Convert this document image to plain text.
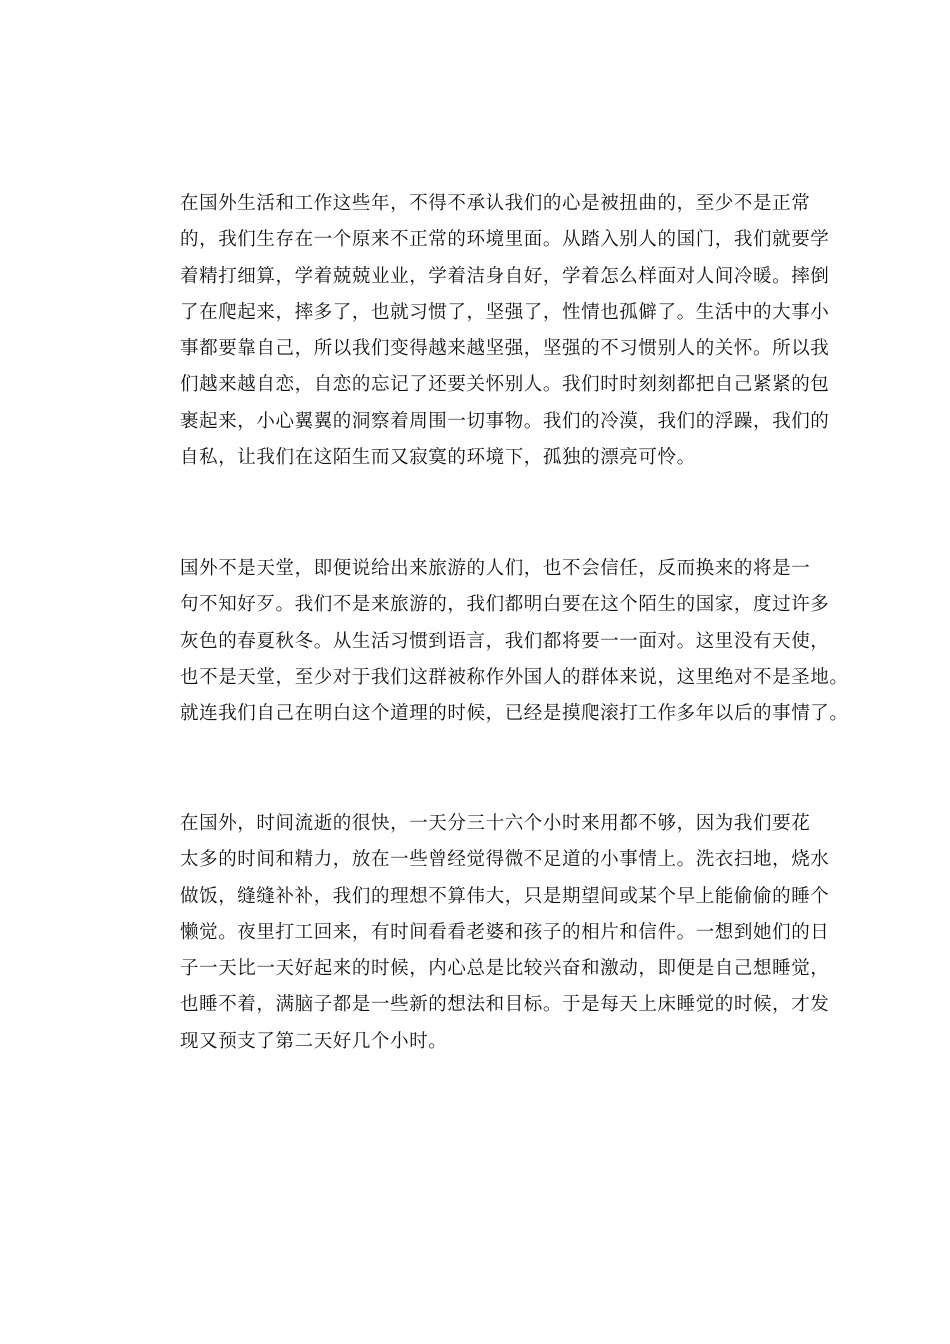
在国外生活和工作这些年，不得不承认我们的心是被扭曲的，至少不是正常
的，我们生存在一个原来不正常的环境里面。从踏入别人的国门，我们就要学
着精打细算，学着兢兢业业，学着洁身自好，学着怎么样面对人间冷暖。摔倒
了在爬起来，摔多了，也就习惯了，坚强了，性情也孤僻了。生活中的大事小
事都要靠自己，所以我们变得越来越坚强，坚强的不习惯别人的关怀。所以我
们越来越自恋，自恋的忘记了还要关怀别人。我们时时刻刻都把自己紧紧的包
裹起来，小心翼翼的洞察着周围一切事物。我们的冷漠，我们的浮躁，我们的
自私，让我们在这陌生而又寂寞的环境下，孤独的漂亮可怜。

国外不是天堂，即便说给出来旅游的人们，也不会信任，反而换来的将是一
句不知好歹。我们不是来旅游的，我们都明白要在这个陌生的国家，度过许多
灰色的春夏秋冬。从生活习惯到语言，我们都将要一一面对。这里没有天使，
也不是天堂，至少对于我们这群被称作外国人的群体来说，这里绝对不是圣地。
就连我们自己在明白这个道理的时候，已经是摸爬滚打工作多年以后的事情了。

在国外，时间流逝的很快，一天分三十六个小时来用都不够，因为我们要花
太多的时间和精力，放在一些曾经觉得微不足道的小事情上。洗衣扫地，烧水
做饭，缝缝补补，我们的理想不算伟大，只是期望间或某个早上能偷偷的睡个
懒觉。夜里打工回来，有时间看看老婆和孩子的相片和信件。一想到她们的日
子一天比一天好起来的时候，内心总是比较兴奋和激动，即便是自己想睡觉，
也睡不着，满脑子都是一些新的想法和目标。于是每天上床睡觉的时候，才发
现又预支了第二天好几个小时。
